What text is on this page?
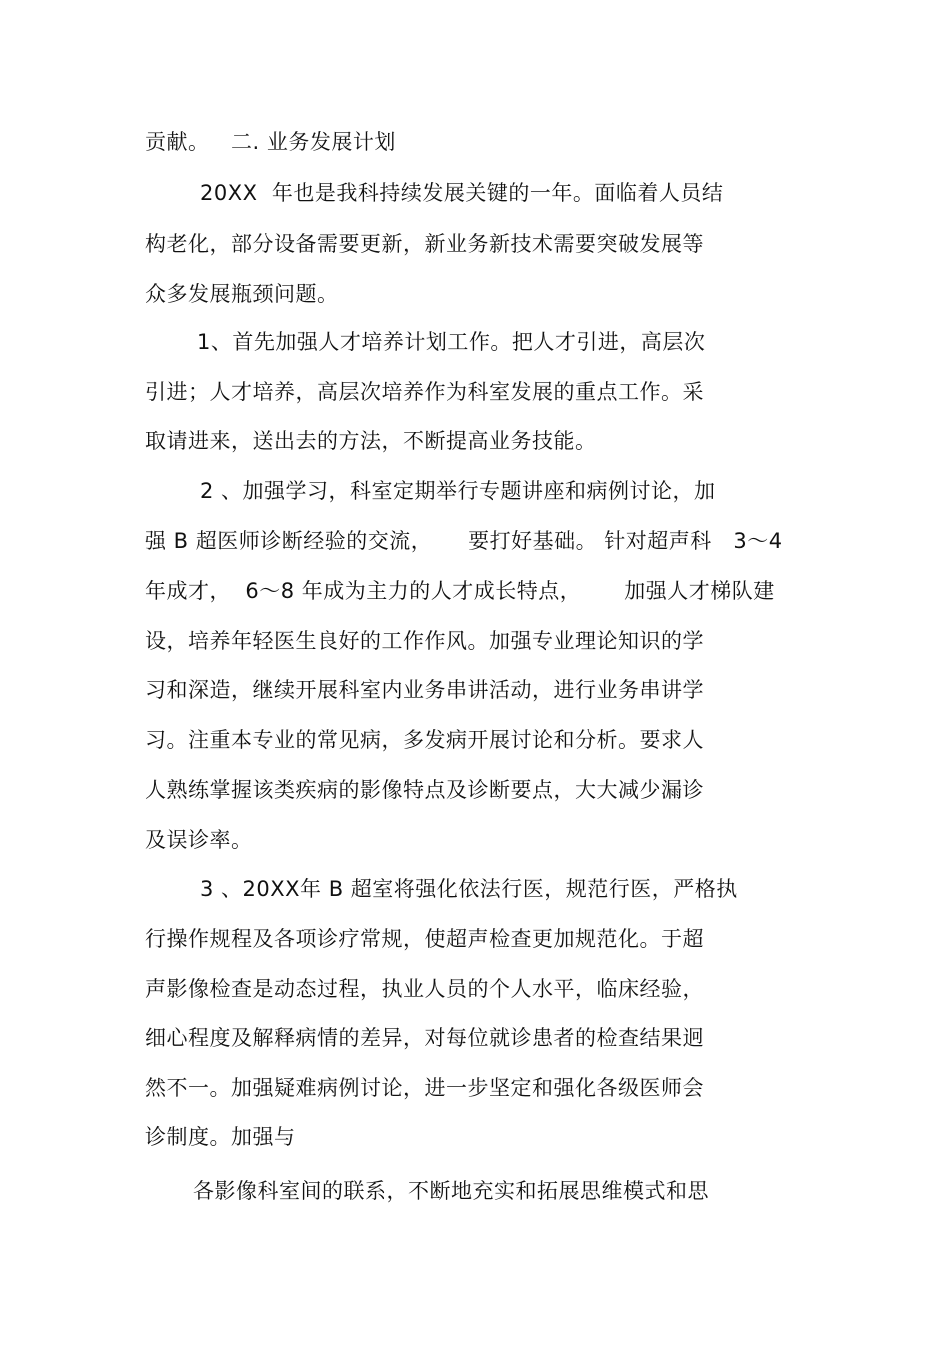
贡献。   二. 业务发展计划
20XX  年也是我科持续发展关键的一年。面临着人员结
构老化，部分设备需要更新，新业务新技术需要突破发展等
众多发展瓶颈问题。
1、首先加强人才培养计划工作。把人才引进，高层次
引进；人才培养，高层次培养作为科室发展的重点工作。采
取请进来，送出去的方法，不断提高业务技能。
2 、加强学习，科室定期举行专题讲座和病例讨论，加
强 B 超医师诊断经验的交流，     要打好基础。 针对超声科   3～4
年成才，  6～8 年成为主力的人才成长特点，      加强人才梯队建
设，培养年轻医生良好的工作作风。加强专业理论知识的学
习和深造，继续开展科室内业务串讲活动，进行业务串讲学
习。注重本专业的常见病，多发病开展讨论和分析。要求人
人熟练掌握该类疾病的影像特点及诊断要点，大大减少漏诊
及误诊率。
3 、20XX年 B 超室将强化依法行医，规范行医，严格执
行操作规程及各项诊疗常规，使超声检查更加规范化。于超
声影像检查是动态过程，执业人员的个人水平，临床经验，
细心程度及解释病情的差异，对每位就诊患者的检查结果迥
然不一。加强疑难病例讨论，进一步坚定和强化各级医师会
诊制度。加强与
各影像科室间的联系，不断地充实和拓展思维模式和思
